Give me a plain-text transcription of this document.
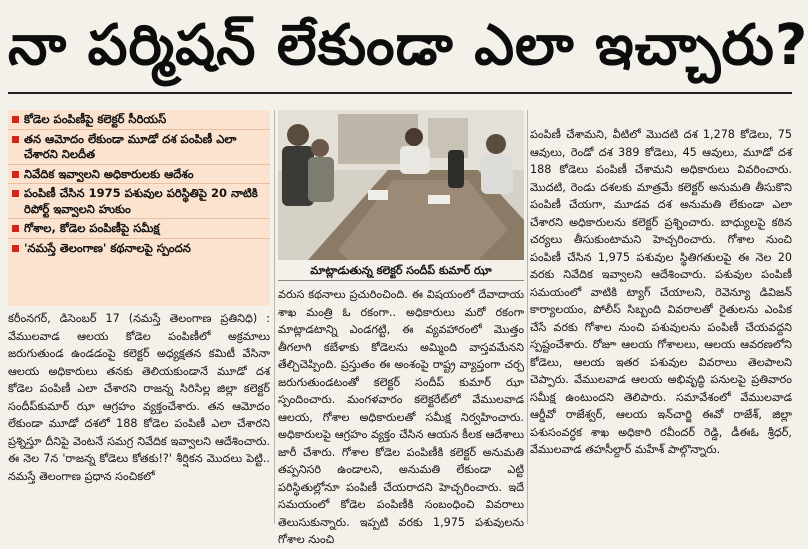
నా పర్మిషన్ లేకుండా ఎలా ఇచ్చారు?
కోడెల పంపిణీపై కలెక్టర్ సీరియస్
తన ఆమోదం లేకుండా మూడో దశ పంపిణీ ఎలా చేశారని నిలదీత
నివేదిక ఇవ్వాలని అధికారులకు ఆదేశం
పంపిణీ చేసిన 1975 పశువుల పరిస్థితిపై 20 నాటికి రిపోర్ట్ ఇవ్వాలని హుకుం
గోశాల, కోడెల పంపిణీపై సమీక్ష
'నమస్తే తెలంగాణ' కథనాలపై స్పందన
మాట్లాడుతున్న కలెక్టర్ సందీప్ కుమార్ ఝా

కరీంనగర్, డిసెంబర్ 17 (నమస్తే తెలంగాణ ప్రతినిధి) : వేములవాడ ఆలయ కోడెల పంపిణీలో అక్రమాలు జరుగుతుండ ఉండడంపై కలెక్టర్ అధ్యక్షతన కమిటీ వేసినా ఆలయ అధికారులు తనకు తెలియకుండానే మూడో దశ కోడెల పంపిణీ ఎలా చేశారని రాజన్న సిరిసిల్ల జిల్లా కలెక్టర్ సందీప్‌కుమార్ ఝా ఆగ్రహం వ్యక్తంచేశారు. తన ఆమోదం లేకుండా మూడో దశలో 188 కోడెల పంపిణీ ఎలా చేశారని ప్రశ్నిస్తూ దీనిపై వెంటనే సమగ్ర నివేదిక ఇవ్వాలని ఆదేశించారు. ఈ నెల 7న 'రాజన్న కోడెలు కోతకు!?' శీర్షికన మొదలు పెట్టి.. నమస్తే తెలంగాణ ప్రధాన సంచికలో

వరుస కథనాలు ప్రచురించింది. ఈ విషయంలో దేవాదాయ శాఖ మంత్రి ఓ రకంగా.. అధికారులు మరో రకంగా మాట్లాడటాన్ని ఎండగట్టి, ఈ వ్యవహారంలో మొత్తం తీగలాగి కబేళాకు కోడెలను అమ్మింది వాస్తవమేనని తేల్చిచెప్పింది. ప్రస్తుతం ఈ అంశంపై రాష్ట్ర వ్యాప్తంగా చర్చ జరుగుతుండటంతో కలెక్టర్ సందీప్ కుమార్ ఝా స్పందించారు. మంగళవారం కలెక్టరేట్‌లో వేములవాడ ఆలయ, గోశాల అధికారులతో సమీక్ష నిర్వహించారు. అధికారులపై ఆగ్రహం వ్యక్తం చేసిన ఆయన కీలక ఆదేశాలు జారీ చేశారు. గోశాల కోడెల పంపిణీకి కలెక్టర్ అనుమతి తప్పనిసరి ఉండాలని, అనుమతి లేకుండా ఎట్టి పరిస్థితుల్లోనూ పంపిణీ చేయరాదని హెచ్చరించారు. ఇదే సమయంలో కోడెల పంపిణీకి సంబంధించి వివరాలు తెలుసుకున్నారు. ఇప్పటి వరకు 1,975 పశువులను గోశాల నుంచి

పంపిణీ చేశామని, వీటిలో మొదటి దశ 1,278 కోడెలు, 75 ఆవులు, రెండో దశ 389 కోడెలు, 45 ఆవులు, మూడో దశ 188 కోడెలు పంపిణీ చేశామని అధికారులు వివరించారు. మొదటి, రెండు దశలకు మాత్రమే కలెక్టర్ అనుమతి తీసుకొని పంపిణీ చేయగా, మూడవ దశ అనుమతి లేకుండా ఎలా చేశారని అధికారులను కలెక్టర్ ప్రశ్నించారు. బాధ్యులపై కఠిన చర్యలు తీసుకుంటామని హెచ్చరించారు. గోశాల నుంచి పంపిణీ చేసిన 1,975 పశువుల స్థితిగతులపై ఈ నెల 20 వరకు నివేదిక ఇవ్వాలని ఆదేశించారు. పశువుల పంపిణీ సమయంలో వాటికి ట్యాగ్ చేయాలని, రెవెన్యూ డివిజన్ కార్యాలయం, పోలీస్ సిబ్బంది వివరాలతో రైతులను ఎంపిక చేసే వరకు గోశాల నుంచి పశువులను పంపిణీ చేయవద్దని స్పష్టంచేశారు. రోజూ ఆలయ గోశాలలు, ఆలయ ఆవరణలోని కోడెలు, ఆలయ ఇతర పశువుల వివరాలు తెలపాలని చెప్పారు. వేములవాడ ఆలయ అభివృద్ధి పనులపై ప్రతివారం సమీక్ష ఉంటుందని తెలిపారు. సమావేశంలో వేములవాడ ఆర్డీవో రాజేశ్వర్, ఆలయ ఇన్‌చార్జి ఈవో రాజేశ్, జిల్లా పశుసంవర్ధక శాఖ అధికారి రవీందర్ రెడ్డి, డీఈఓ శ్రీధర్, వేములవాడ తహసీల్దార్ మహేశ్ పాల్గొన్నారు.
